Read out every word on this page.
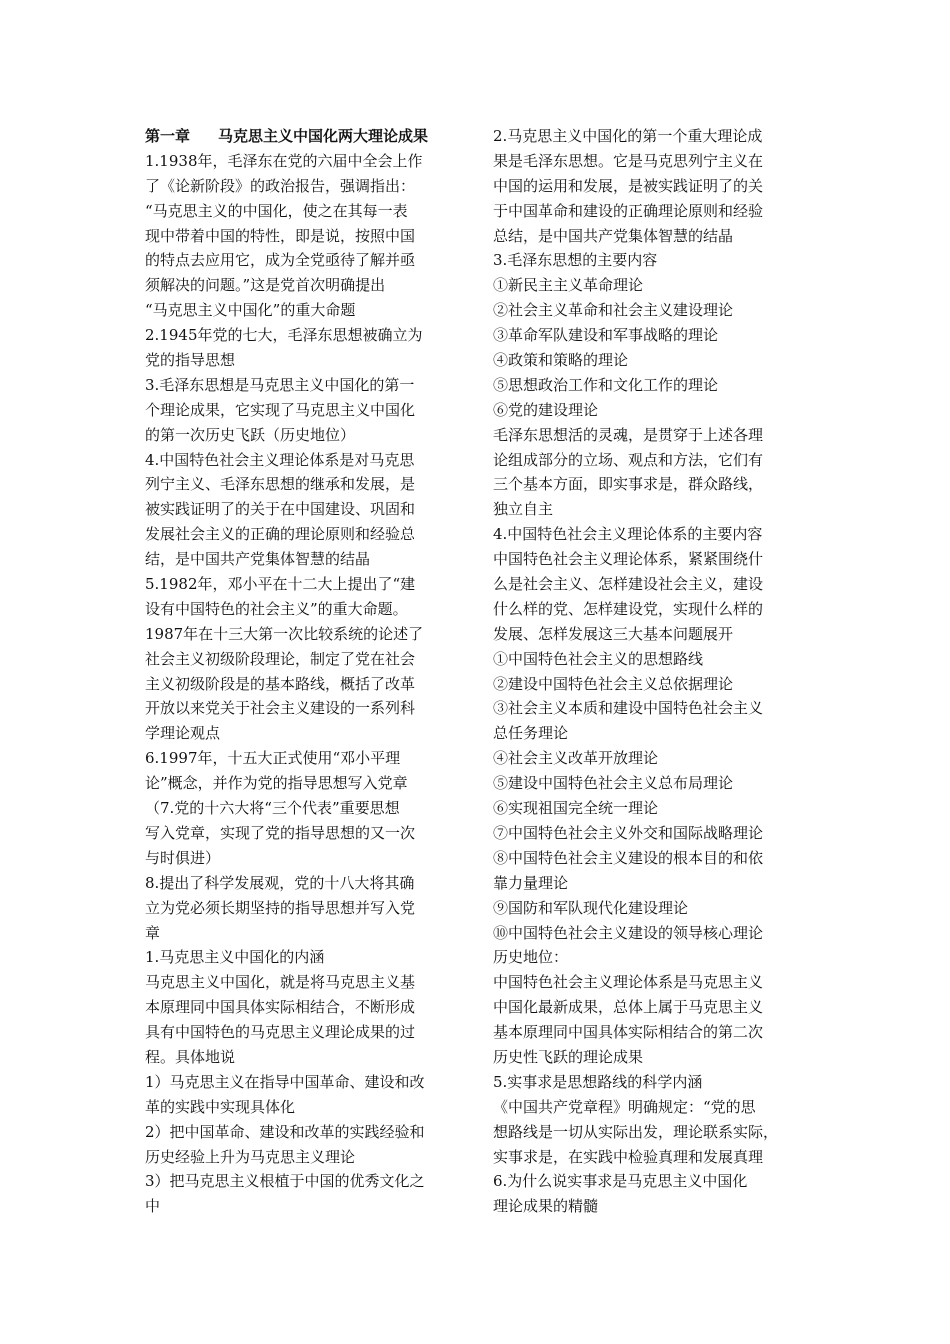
第一章 马克思主义中国化两大理论成果
1.1938年，毛泽东在党的六届中全会上作
了《论新阶段》的政治报告，强调指出：
“马克思主义的中国化，使之在其每一表
现中带着中国的特性，即是说，按照中国
的特点去应用它，成为全党亟待了解并亟
须解决的问题。”这是党首次明确提出
“马克思主义中国化”的重大命题
2.1945年党的七大，毛泽东思想被确立为
党的指导思想
3.毛泽东思想是马克思主义中国化的第一
个理论成果，它实现了马克思主义中国化
的第一次历史飞跃（历史地位）
4.中国特色社会主义理论体系是对马克思
列宁主义、毛泽东思想的继承和发展，是
被实践证明了的关于在中国建设、巩固和
发展社会主义的正确的理论原则和经验总
结，是中国共产党集体智慧的结晶
5.1982年，邓小平在十二大上提出了“建
设有中国特色的社会主义”的重大命题。
1987年在十三大第一次比较系统的论述了
社会主义初级阶段理论，制定了党在社会
主义初级阶段是的基本路线，概括了改革
开放以来党关于社会主义建设的一系列科
学理论观点
6.1997年，十五大正式使用“邓小平理
论”概念，并作为党的指导思想写入党章
（7.党的十六大将“三个代表”重要思想
写入党章，实现了党的指导思想的又一次
与时俱进）
8.提出了科学发展观，党的十八大将其确
立为党必须长期坚持的指导思想并写入党
章
1.马克思主义中国化的内涵
马克思主义中国化，就是将马克思主义基
本原理同中国具体实际相结合，不断形成
具有中国特色的马克思主义理论成果的过
程。具体地说
1）马克思主义在指导中国革命、建设和改
革的实践中实现具体化
2）把中国革命、建设和改革的实践经验和
历史经验上升为马克思主义理论
3）把马克思主义根植于中国的优秀文化之
中
2.马克思主义中国化的第一个重大理论成
果是毛泽东思想。它是马克思列宁主义在
中国的运用和发展，是被实践证明了的关
于中国革命和建设的正确理论原则和经验
总结，是中国共产党集体智慧的结晶
3.毛泽东思想的主要内容
①新民主主义革命理论
②社会主义革命和社会主义建设理论
③革命军队建设和军事战略的理论
④政策和策略的理论
⑤思想政治工作和文化工作的理论
⑥党的建设理论
毛泽东思想活的灵魂，是贯穿于上述各理
论组成部分的立场、观点和方法，它们有
三个基本方面，即实事求是，群众路线，
独立自主
4.中国特色社会主义理论体系的主要内容
中国特色社会主义理论体系，紧紧围绕什
么是社会主义、怎样建设社会主义，建设
什么样的党、怎样建设党，实现什么样的
发展、怎样发展这三大基本问题展开
①中国特色社会主义的思想路线
②建设中国特色社会主义总依据理论
③社会主义本质和建设中国特色社会主义
总任务理论
④社会主义改革开放理论
⑤建设中国特色社会主义总布局理论
⑥实现祖国完全统一理论
⑦中国特色社会主义外交和国际战略理论
⑧中国特色社会主义建设的根本目的和依
靠力量理论
⑨国防和军队现代化建设理论
⑩中国特色社会主义建设的领导核心理论
历史地位：
中国特色社会主义理论体系是马克思主义
中国化最新成果，总体上属于马克思主义
基本原理同中国具体实际相结合的第二次
历史性飞跃的理论成果
5.实事求是思想路线的科学内涵
《中国共产党章程》明确规定：“党的思
想路线是一切从实际出发，理论联系实际，
实事求是，在实践中检验真理和发展真理
6.为什么说实事求是马克思主义中国化
理论成果的精髓
